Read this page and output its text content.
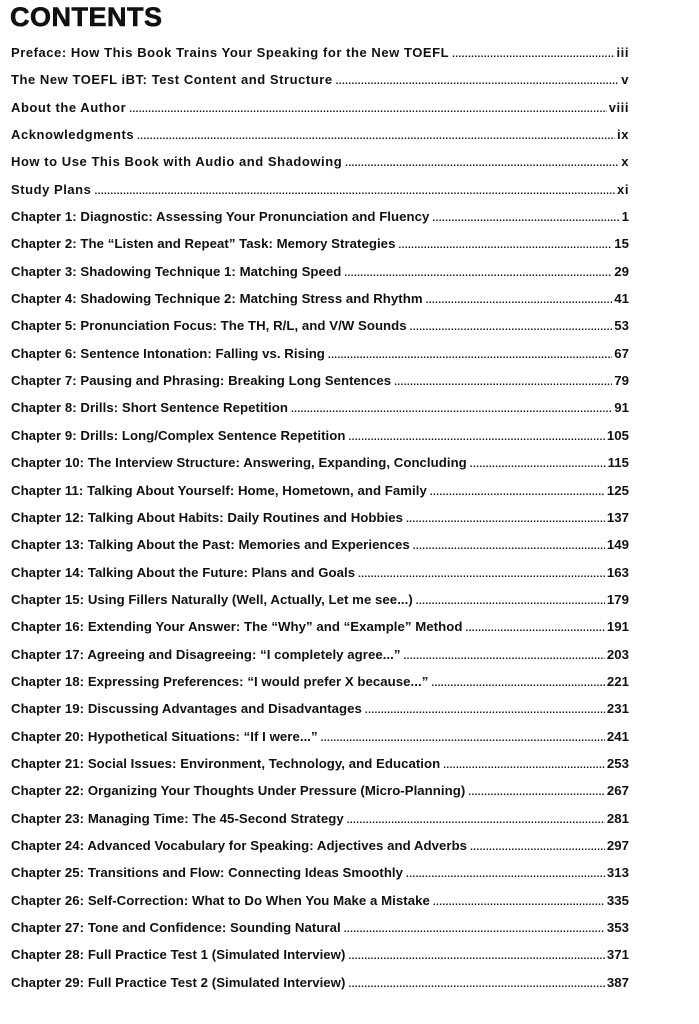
CONTENTS
Preface: How This Book Trains Your Speaking for the New TOEFL .....	iii
The New TOEFL iBT: Test Content and Structure .....	v
About the Author .....	viii
Acknowledgments .....	ix
How to Use This Book with Audio and Shadowing .....	x
Study Plans .....	xi
Chapter 1: Diagnostic: Assessing Your Pronunciation and Fluency .....	1
Chapter 2: The “Listen and Repeat” Task: Memory Strategies .....	15
Chapter 3: Shadowing Technique 1: Matching Speed .....	29
Chapter 4: Shadowing Technique 2: Matching Stress and Rhythm .....	41
Chapter 5: Pronunciation Focus: The TH, R/L, and V/W Sounds .....	53
Chapter 6: Sentence Intonation: Falling vs. Rising .....	67
Chapter 7: Pausing and Phrasing: Breaking Long Sentences .....	79
Chapter 8: Drills: Short Sentence Repetition .....	91
Chapter 9: Drills: Long/Complex Sentence Repetition .....	105
Chapter 10: The Interview Structure: Answering, Expanding, Concluding .....	115
Chapter 11: Talking About Yourself: Home, Hometown, and Family .....	125
Chapter 12: Talking About Habits: Daily Routines and Hobbies .....	137
Chapter 13: Talking About the Past: Memories and Experiences .....	149
Chapter 14: Talking About the Future: Plans and Goals .....	163
Chapter 15: Using Fillers Naturally (Well, Actually, Let me see...) .....	179
Chapter 16: Extending Your Answer: The “Why” and “Example” Method .....	191
Chapter 17: Agreeing and Disagreeing: “I completely agree...” .....	203
Chapter 18: Expressing Preferences: “I would prefer X because...” .....	221
Chapter 19: Discussing Advantages and Disadvantages .....	231
Chapter 20: Hypothetical Situations: “If I were...” .....	241
Chapter 21: Social Issues: Environment, Technology, and Education .....	253
Chapter 22: Organizing Your Thoughts Under Pressure (Micro-Planning) .....	267
Chapter 23: Managing Time: The 45-Second Strategy .....	281
Chapter 24: Advanced Vocabulary for Speaking: Adjectives and Adverbs .....	297
Chapter 25: Transitions and Flow: Connecting Ideas Smoothly .....	313
Chapter 26: Self-Correction: What to Do When You Make a Mistake .....	335
Chapter 27: Tone and Confidence: Sounding Natural .....	353
Chapter 28: Full Practice Test 1 (Simulated Interview) .....	371
Chapter 29: Full Practice Test 2 (Simulated Interview) .....	387
